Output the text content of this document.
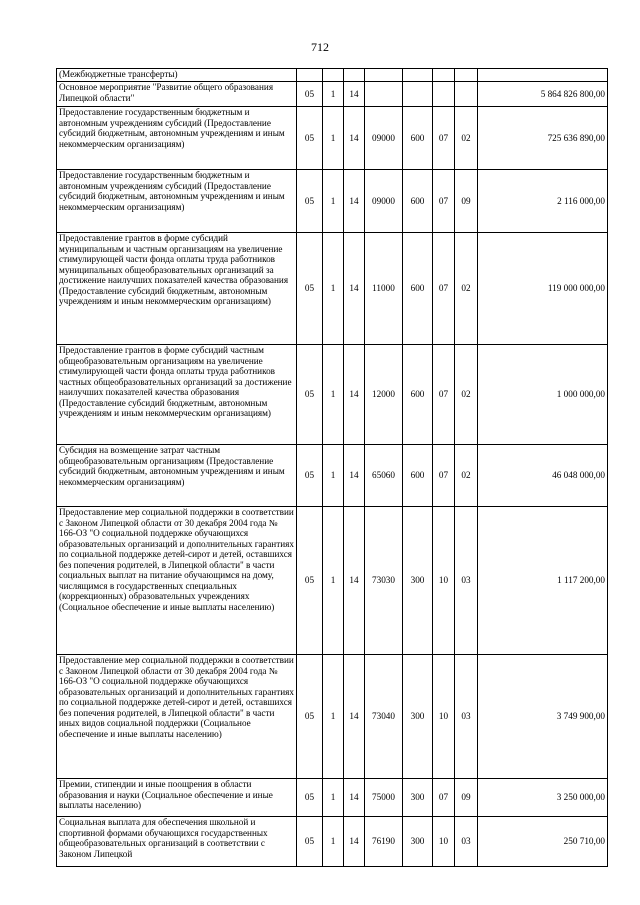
712
(Межбюджетные трансферты)								
Основное мероприятие "Развитие общего образования Липецкой области"	05	1	14					5 864 826 800,00
Предоставление государственным бюджетным и автономным учреждениям субсидий (Предоставление субсидий бюджетным, автономным учреждениям и иным некоммерческим организациям)	05	1	14	09000	600	07	02	725 636 890,00
Предоставление государственным бюджетным и автономным учреждениям субсидий (Предоставление субсидий бюджетным, автономным учреждениям и иным некоммерческим организациям)	05	1	14	09000	600	07	09	2 116 000,00
Предоставление грантов в форме субсидий муниципальным и частным организациям на увеличение стимулирующей части фонда оплаты труда работников муниципальных общеобразовательных организаций за достижение наилучших показателей качества образования (Предоставление субсидий бюджетным, автономным учреждениям и иным некоммерческим организациям)	05	1	14	11000	600	07	02	119 000 000,00
Предоставление грантов в форме субсидий частным общеобразовательным организациям на увеличение стимулирующей части фонда оплаты труда работников частных общеобразовательных организаций за достижение наилучших показателей качества образования (Предоставление субсидий бюджетным, автономным учреждениям и иным некоммерческим организациям)	05	1	14	12000	600	07	02	1 000 000,00
Субсидия на возмещение затрат частным общеобразовательным организациям (Предоставление субсидий бюджетным, автономным учреждениям и иным некоммерческим организациям)	05	1	14	65060	600	07	02	46 048 000,00
Предоставление мер социальной поддержки в соответствии с Законом Липецкой области от 30 декабря 2004 года № 166-ОЗ "О социальной поддержке обучающихся образовательных организаций и дополнительных гарантиях по социальной поддержке детей-сирот и детей, оставшихся без попечения родителей, в Липецкой области" в части социальных выплат на питание обучающимся на дому, числящимся в государственных специальных (коррекционных) образовательных учреждениях (Социальное обеспечение и иные выплаты населению)	05	1	14	73030	300	10	03	1 117 200,00
Предоставление мер социальной поддержки в соответствии с Законом Липецкой области от 30 декабря 2004 года № 166-ОЗ "О социальной поддержке обучающихся образовательных организаций и дополнительных гарантиях по социальной поддержке детей-сирот и детей, оставшихся без попечения родителей, в Липецкой области" в части иных видов социальной поддержки (Социальное обеспечение и иные выплаты населению)	05	1	14	73040	300	10	03	3 749 900,00
Премии, стипендии и иные поощрения в области образования и науки (Социальное обеспечение и иные выплаты населению)	05	1	14	75000	300	07	09	3 250 000,00
Социальная выплата для обеспечения школьной и спортивной формами обучающихся государственных общеобразовательных организаций в соответствии с Законом Липецкой	05	1	14	76190	300	10	03	250 710,00
